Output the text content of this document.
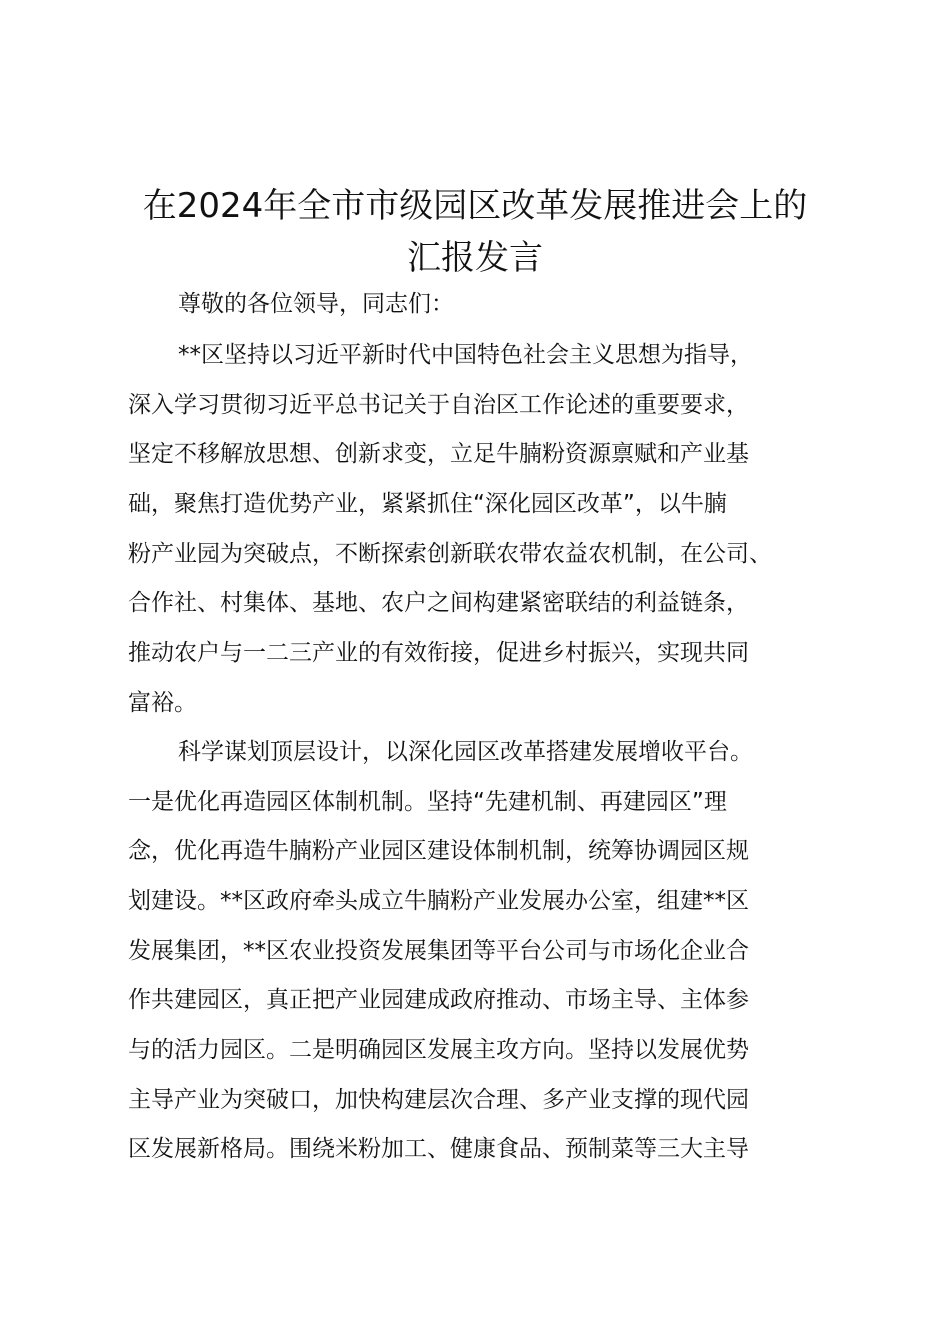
在2024年全市市级园区改革发展推进会上的
汇报发言

尊敬的各位领导，同志们：

**区坚持以习近平新时代中国特色社会主义思想为指导，

深入学习贯彻习近平总书记关于自治区工作论述的重要要求，

坚定不移解放思想、创新求变，立足牛腩粉资源禀赋和产业基

础，聚焦打造优势产业，紧紧抓住“深化园区改革”，以牛腩

粉产业园为突破点，不断探索创新联农带农益农机制，在公司、

合作社、村集体、基地、农户之间构建紧密联结的利益链条，

推动农户与一二三产业的有效衔接，促进乡村振兴，实现共同

富裕。

科学谋划顶层设计，以深化园区改革搭建发展增收平台。

一是优化再造园区体制机制。坚持“先建机制、再建园区”理

念，优化再造牛腩粉产业园区建设体制机制，统筹协调园区规

划建设。**区政府牵头成立牛腩粉产业发展办公室，组建**区

发展集团，**区农业投资发展集团等平台公司与市场化企业合

作共建园区，真正把产业园建成政府推动、市场主导、主体参

与的活力园区。二是明确园区发展主攻方向。坚持以发展优势

主导产业为突破口，加快构建层次合理、多产业支撑的现代园

区发展新格局。围绕米粉加工、健康食品、预制菜等三大主导
